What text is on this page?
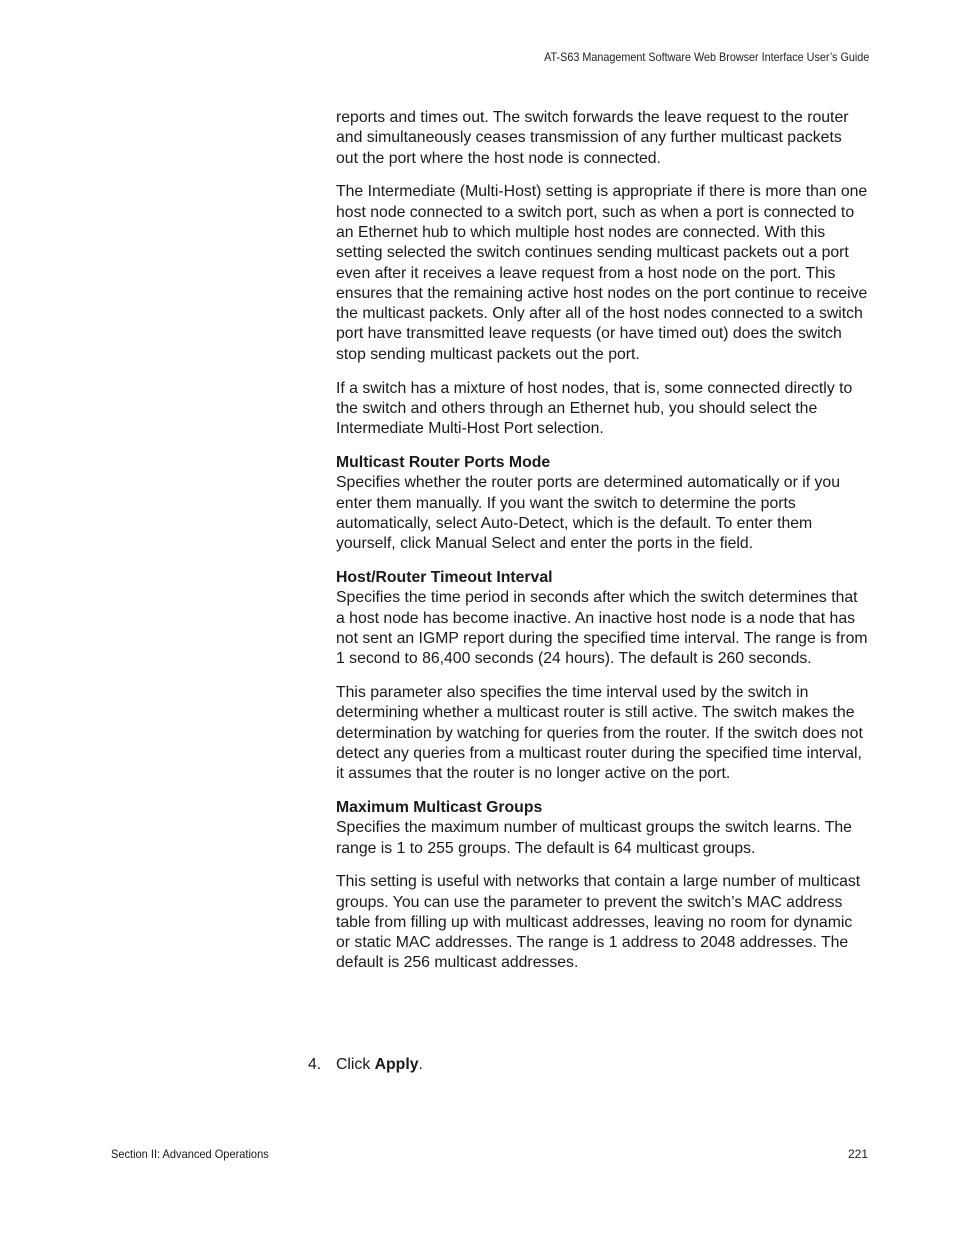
AT-S63 Management Software Web Browser Interface User’s Guide

reports and times out. The switch forwards the leave request to the router and simultaneously ceases transmission of any further multicast packets out the port where the host node is connected.

The Intermediate (Multi-Host) setting is appropriate if there is more than one host node connected to a switch port, such as when a port is connected to an Ethernet hub to which multiple host nodes are connected. With this setting selected the switch continues sending multicast packets out a port even after it receives a leave request from a host node on the port. This ensures that the remaining active host nodes on the port continue to receive the multicast packets. Only after all of the host nodes connected to a switch port have transmitted leave requests (or have timed out) does the switch stop sending multicast packets out the port.

If a switch has a mixture of host nodes, that is, some connected directly to the switch and others through an Ethernet hub, you should select the Intermediate Multi-Host Port selection.

Multicast Router Ports Mode

Specifies whether the router ports are determined automatically or if you enter them manually. If you want the switch to determine the ports automatically, select Auto-Detect, which is the default. To enter them yourself, click Manual Select and enter the ports in the field.

Host/Router Timeout Interval

Specifies the time period in seconds after which the switch determines that a host node has become inactive. An inactive host node is a node that has not sent an IGMP report during the specified time interval. The range is from 1 second to 86,400 seconds (24 hours). The default is 260 seconds.

This parameter also specifies the time interval used by the switch in determining whether a multicast router is still active. The switch makes the determination by watching for queries from the router. If the switch does not detect any queries from a multicast router during the specified time interval, it assumes that the router is no longer active on the port.

Maximum Multicast Groups

Specifies the maximum number of multicast groups the switch learns. The range is 1 to 255 groups. The default is 64 multicast groups.

This setting is useful with networks that contain a large number of multicast groups. You can use the parameter to prevent the switch’s MAC address table from filling up with multicast addresses, leaving no room for dynamic or static MAC addresses. The range is 1 address to 2048 addresses. The default is 256 multicast addresses.

4. Click Apply.
Section II: Advanced Operations	221
